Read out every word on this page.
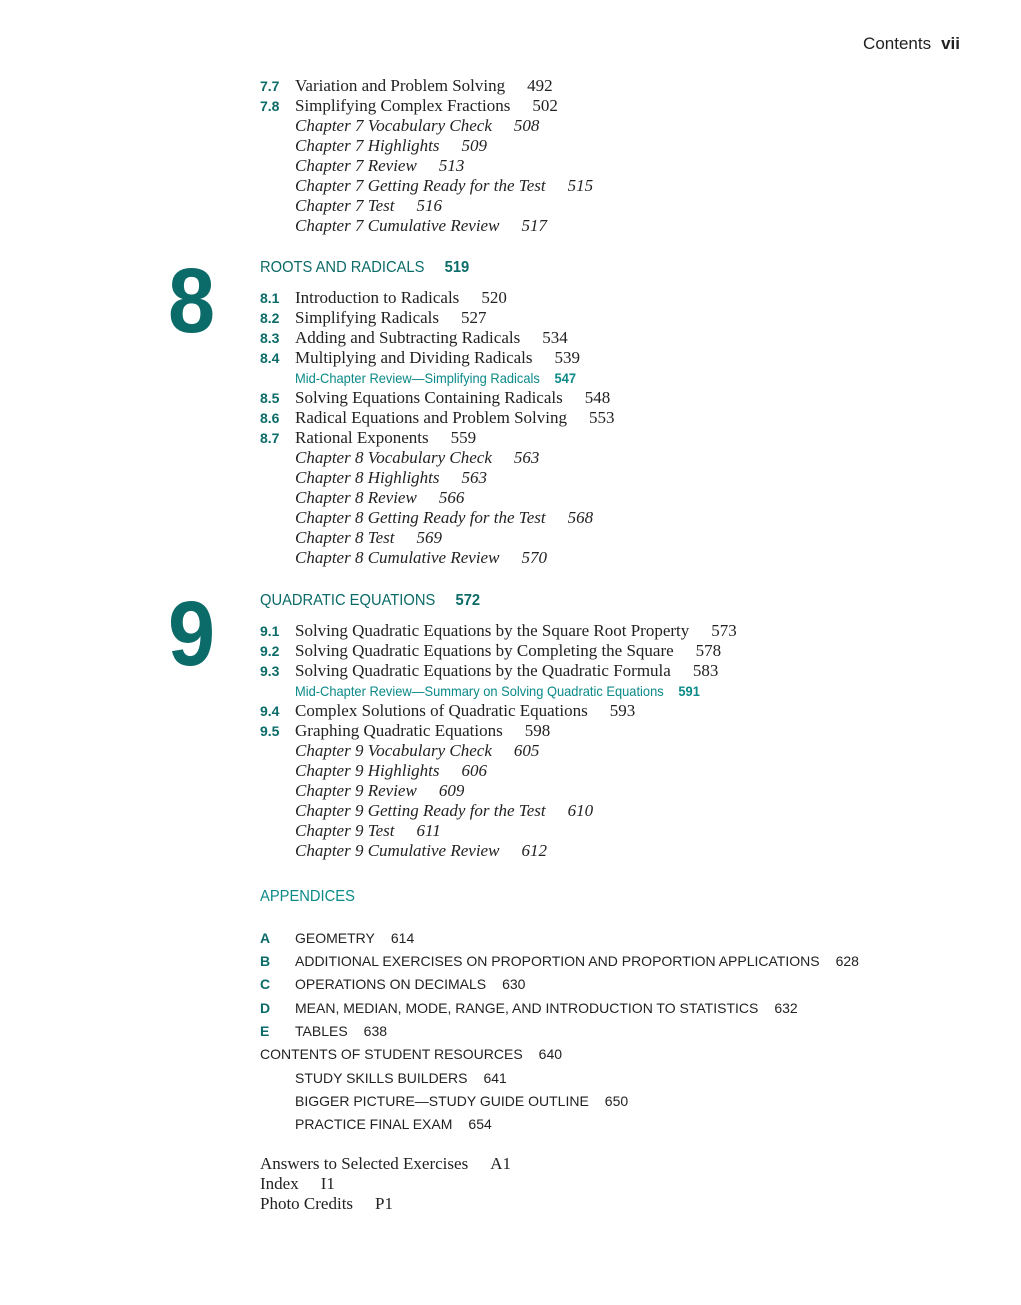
Contents vii
7.7 Variation and Problem Solving 492
7.8 Simplifying Complex Fractions 502
Chapter 7 Vocabulary Check 508
Chapter 7 Highlights 509
Chapter 7 Review 513
Chapter 7 Getting Ready for the Test 515
Chapter 7 Test 516
Chapter 7 Cumulative Review 517
8	ROOTS AND RADICALS 519
8.1 Introduction to Radicals 520
8.2 Simplifying Radicals 527
8.3 Adding and Subtracting Radicals 534
8.4 Multiplying and Dividing Radicals 539
Mid-Chapter Review—Simplifying Radicals 547
8.5 Solving Equations Containing Radicals 548
8.6 Radical Equations and Problem Solving 553
8.7 Rational Exponents 559
Chapter 8 Vocabulary Check 563
Chapter 8 Highlights 563
Chapter 8 Review 566
Chapter 8 Getting Ready for the Test 568
Chapter 8 Test 569
Chapter 8 Cumulative Review 570
9	QUADRATIC EQUATIONS 572
9.1 Solving Quadratic Equations by the Square Root Property 573
9.2 Solving Quadratic Equations by Completing the Square 578
9.3 Solving Quadratic Equations by the Quadratic Formula 583
Mid-Chapter Review—Summary on Solving Quadratic Equations 591
9.4 Complex Solutions of Quadratic Equations 593
9.5 Graphing Quadratic Equations 598
Chapter 9 Vocabulary Check 605
Chapter 9 Highlights 606
Chapter 9 Review 609
Chapter 9 Getting Ready for the Test 610
Chapter 9 Test 611
Chapter 9 Cumulative Review 612
APPENDICES
A GEOMETRY 614
B ADDITIONAL EXERCISES ON PROPORTION AND PROPORTION APPLICATIONS 628
C OPERATIONS ON DECIMALS 630
D MEAN, MEDIAN, MODE, RANGE, AND INTRODUCTION TO STATISTICS 632
E TABLES 638
CONTENTS OF STUDENT RESOURCES 640
STUDY SKILLS BUILDERS 641
BIGGER PICTURE—STUDY GUIDE OUTLINE 650
PRACTICE FINAL EXAM 654
Answers to Selected Exercises A1
Index I1
Photo Credits P1
